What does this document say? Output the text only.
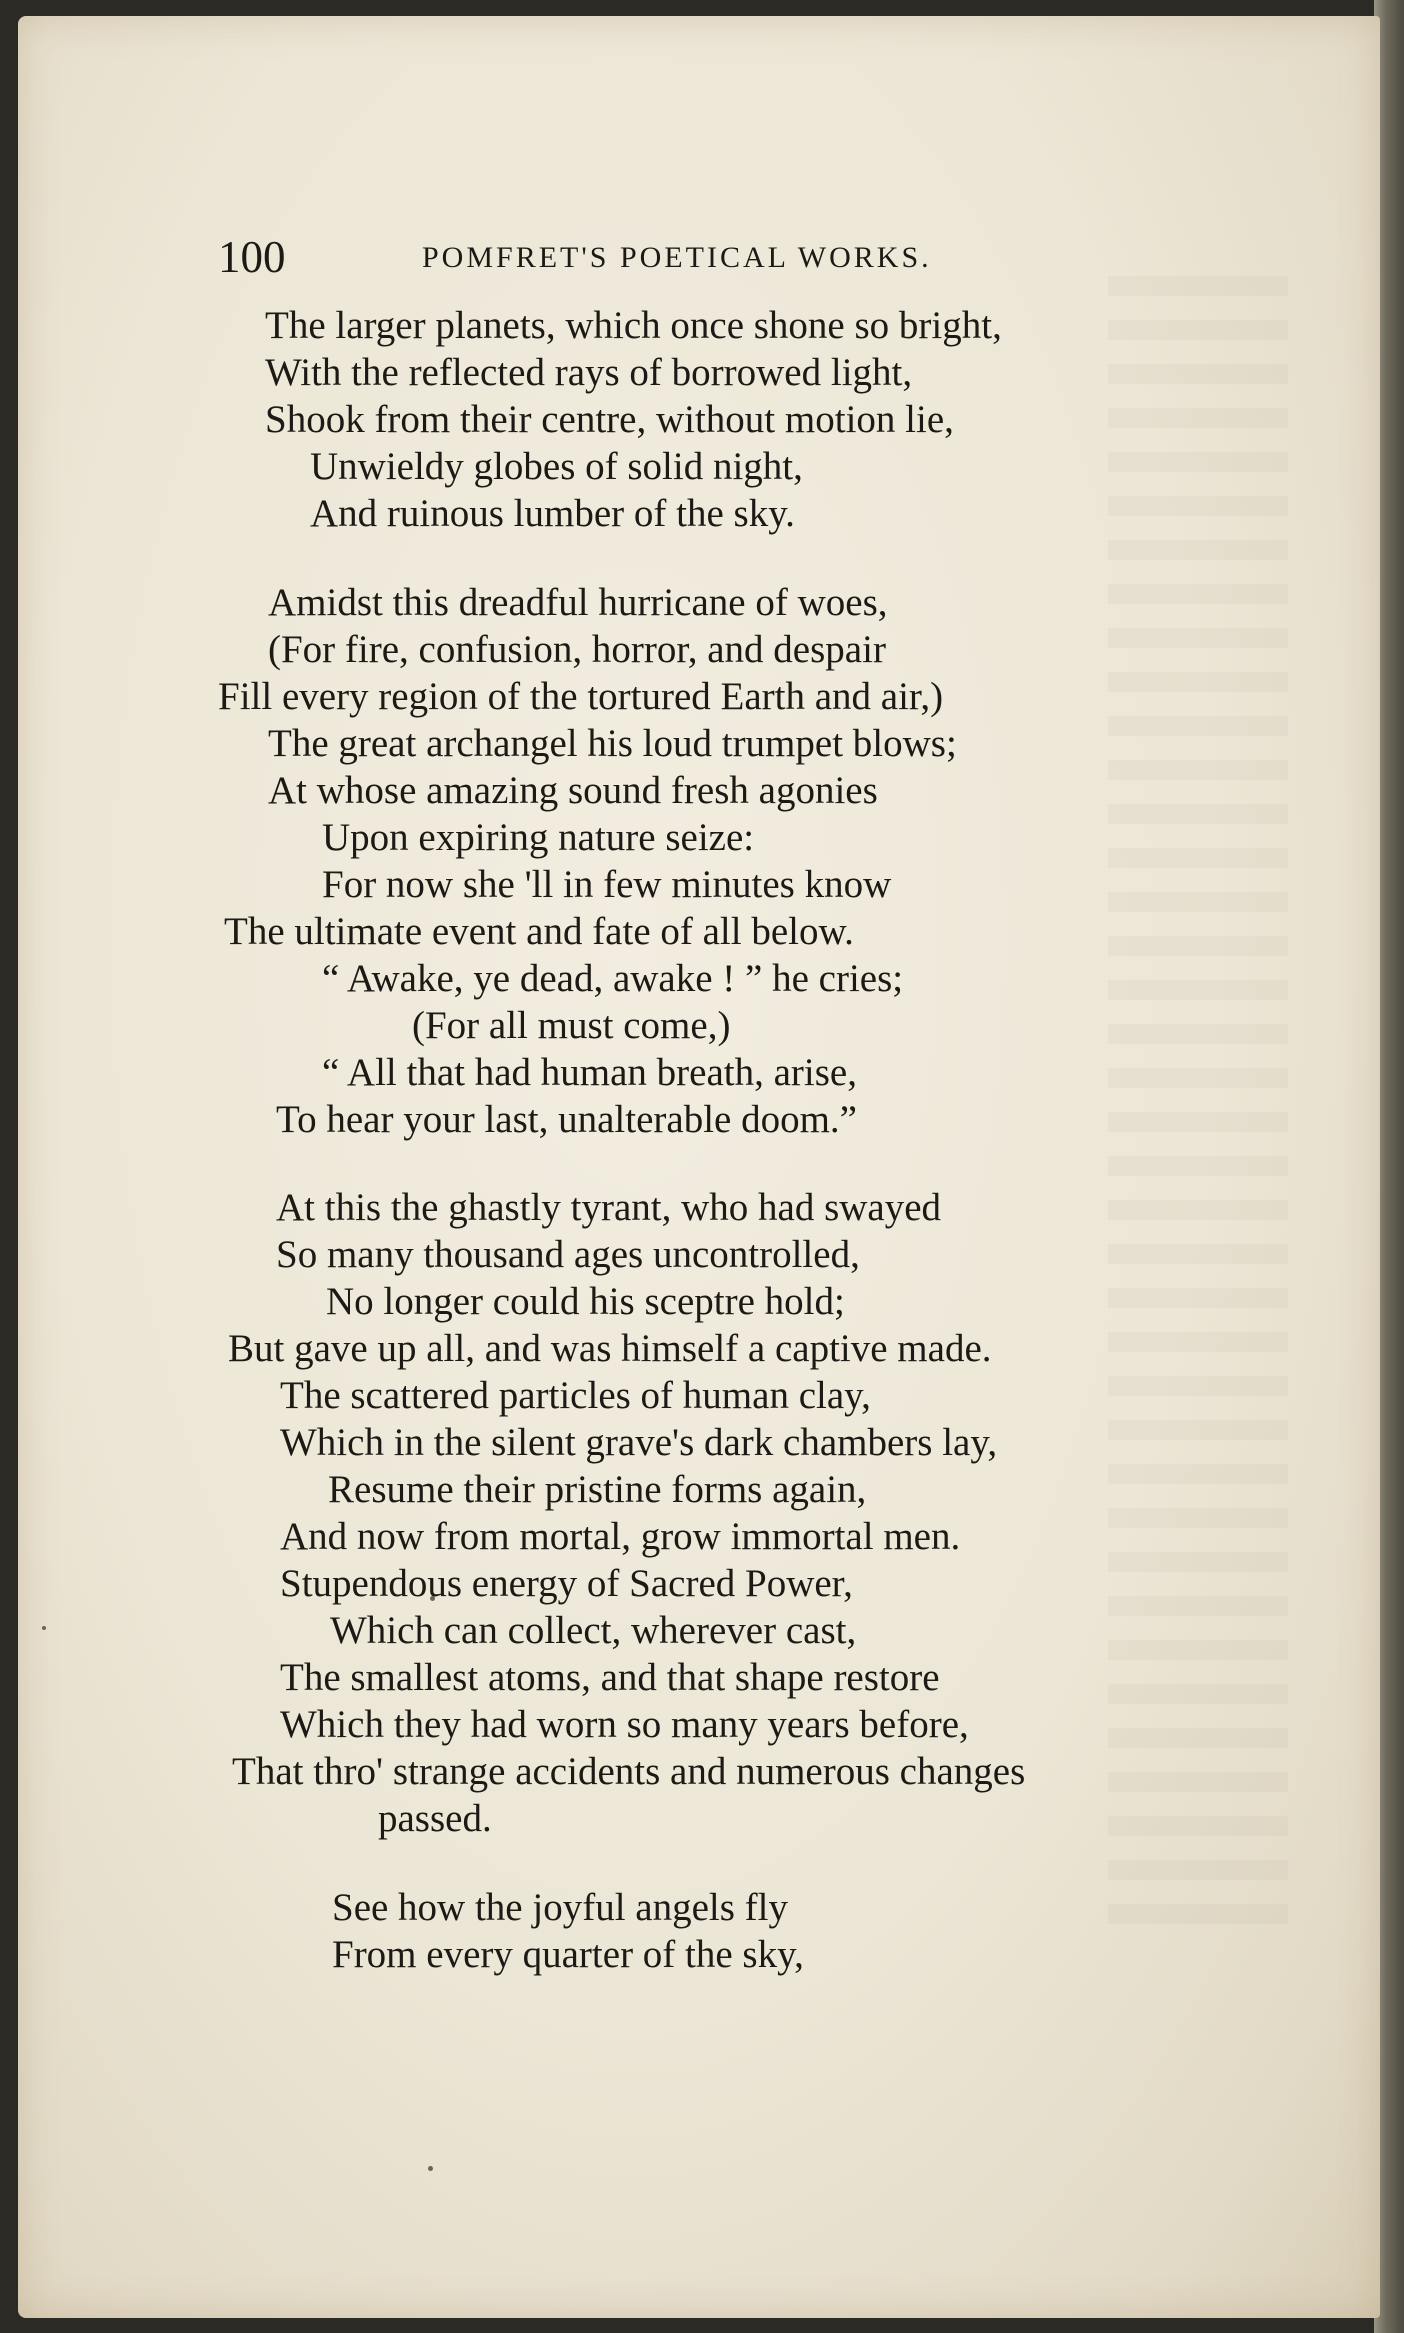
100	POMFRET'S POETICAL WORKS.
The larger planets, which once shone so bright,
With the reflected rays of borrowed light,
Shook from their centre, without motion lie,
Unwieldy globes of solid night,
And ruinous lumber of the sky.
Amidst this dreadful hurricane of woes,
(For fire, confusion, horror, and despair
Fill every region of the tortured Earth and air,)
The great archangel his loud trumpet blows;
At whose amazing sound fresh agonies
Upon expiring nature seize:
For now she 'll in few minutes know
The ultimate event and fate of all below.
“ Awake, ye dead, awake ! ” he cries;
(For all must come,)
“ All that had human breath, arise,
To hear your last, unalterable doom.”
At this the ghastly tyrant, who had swayed
So many thousand ages uncontrolled,
No longer could his sceptre hold;
But gave up all, and was himself a captive made.
The scattered particles of human clay,
Which in the silent grave's dark chambers lay,
Resume their pristine forms again,
And now from mortal, grow immortal men.
Stupendous energy of Sacred Power,
Which can collect, wherever cast,
The smallest atoms, and that shape restore
Which they had worn so many years before,
That thro' strange accidents and numerous changes
passed.
See how the joyful angels fly
From every quarter of the sky,
